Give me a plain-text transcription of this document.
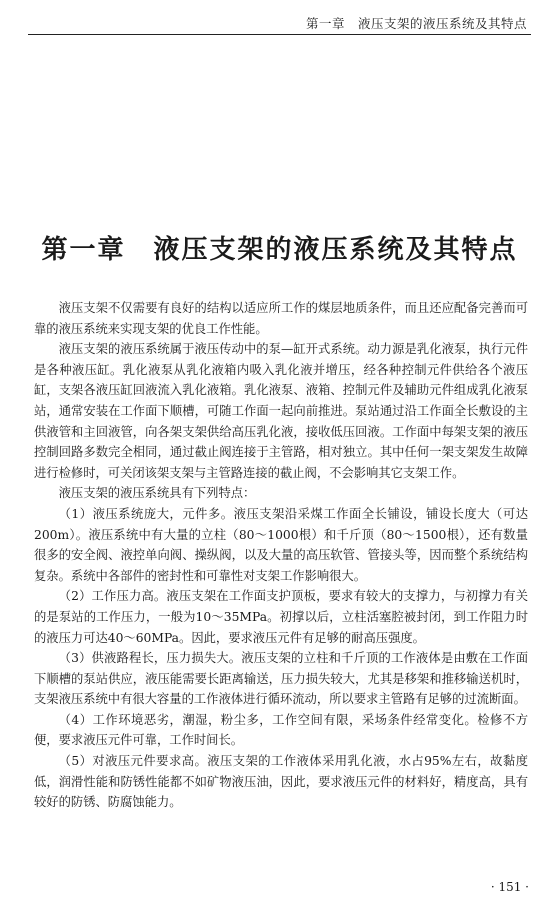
第一章　液压支架的液压系统及其特点
第一章　液压支架的液压系统及其特点

液压支架不仅需要有良好的结构以适应所工作的煤层地质条件，而且还应配备完善而可靠的液压系统来实现支架的优良工作性能。

液压支架的液压系统属于液压传动中的泵—缸开式系统。动力源是乳化液泵，执行元件是各种液压缸。乳化液泵从乳化液箱内吸入乳化液并增压，经各种控制元件供给各个液压缸，支架各液压缸回液流入乳化液箱。乳化液泵、液箱、控制元件及辅助元件组成乳化液泵站，通常安装在工作面下顺槽，可随工作面一起向前推进。泵站通过沿工作面全长敷设的主供液管和主回液管，向各架支架供给高压乳化液，接收低压回液。工作面中每架支架的液压控制回路多数完全相同，通过截止阀连接于主管路，相对独立。其中任何一架支架发生故障进行检修时，可关闭该架支架与主管路连接的截止阀，不会影响其它支架工作。

液压支架的液压系统具有下列特点：

（1）液压系统庞大，元件多。液压支架沿采煤工作面全长铺设，铺设长度大（可达200m）。液压系统中有大量的立柱（80～1000根）和千斤顶（80～1500根），还有数量很多的安全阀、液控单向阀、操纵阀，以及大量的高压软管、管接头等，因而整个系统结构复杂。系统中各部件的密封性和可靠性对支架工作影响很大。

（2）工作压力高。液压支架在工作面支护顶板，要求有较大的支撑力，与初撑力有关的是泵站的工作压力，一般为10～35MPa。初撑以后，立柱活塞腔被封闭，到工作阻力时的液压力可达40～60MPa。因此，要求液压元件有足够的耐高压强度。

（3）供液路程长，压力损失大。液压支架的立柱和千斤顶的工作液体是由敷在工作面下顺槽的泵站供应，液压能需要长距离输送，压力损失较大，尤其是移架和推移输送机时，支架液压系统中有很大容量的工作液体进行循环流动，所以要求主管路有足够的过流断面。

（4）工作环境恶劣，潮湿，粉尘多，工作空间有限，采场条件经常变化。检修不方便，要求液压元件可靠，工作时间长。

（5）对液压元件要求高。液压支架的工作液体采用乳化液，水占95%左右，故黏度低，润滑性能和防锈性能都不如矿物液压油，因此，要求液压元件的材料好，精度高，具有较好的防锈、防腐蚀能力。

· 151 ·
